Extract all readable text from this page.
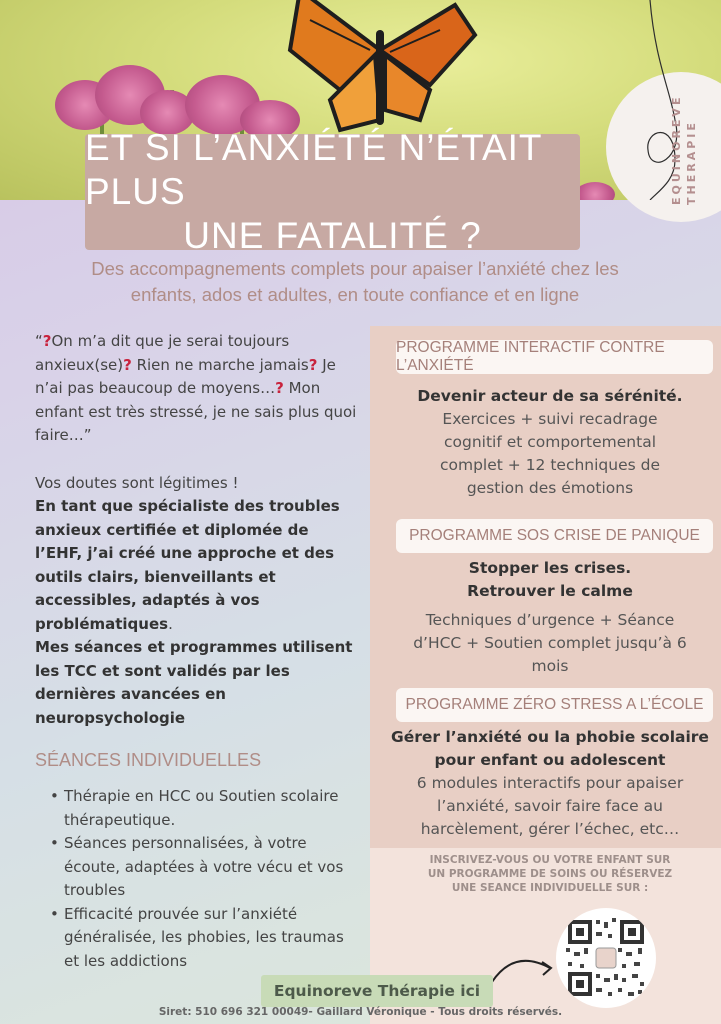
EQUINOREVE THERAPIE
ET SI L’ANXIÉTÉ N’ÉTAIT PLUS
UNE FATALITÉ ?
Des accompagnements complets pour apaiser l’anxiété chez les
enfants, ados et adultes, en toute confiance et en ligne

“?On m’a dit que je serai toujours anxieux(se)? Rien ne marche jamais? Je n’ai pas beaucoup de moyens…? Mon enfant est très stressé, je ne sais plus quoi faire…”

Vos doutes sont légitimes !
En tant que spécialiste des troubles anxieux certifiée et diplomée de l’EHF, j’ai créé une approche et des outils clairs, bienveillants et accessibles, adaptés à vos problématiques.
Mes séances et programmes utilisent les TCC et sont validés par les dernières avancées en neuropsychologie

SÉANCES INDIVIDUELLES
• Thérapie en HCC ou Soutien scolaire thérapeutique.
• Séances personnalisées, à votre écoute, adaptées à votre vécu et vos troubles
• Efficacité prouvée sur l’anxiété généralisée, les phobies, les traumas et les addictions
PROGRAMME INTERACTIF CONTRE L’ANXIÉTÉ
Devenir acteur de sa sérénité.
Exercices + suivi recadrage cognitif et comportemental complet + 12 techniques de gestion des émotions
PROGRAMME SOS CRISE DE PANIQUE
Stopper les crises. Retrouver le calme
Techniques d’urgence + Séance d’HCC + Soutien complet jusqu’à 6 mois
PROGRAMME ZÉRO STRESS A L’ÉCOLE
Gérer l’anxiété ou la phobie scolaire pour enfant ou adolescent
6 modules interactifs pour apaiser l’anxiété, savoir faire face au harcèlement, gérer l’échec, etc…
INSCRIVEZ-VOUS OU VOTRE ENFANT SUR
UN PROGRAMME DE SOINS OU RÉSERVEZ
UNE SEANCE INDIVIDUELLE SUR :
Equinoreve Thérapie ici
Siret: 510 696 321 00049- Gaillard Véronique - Tous droits réservés.
